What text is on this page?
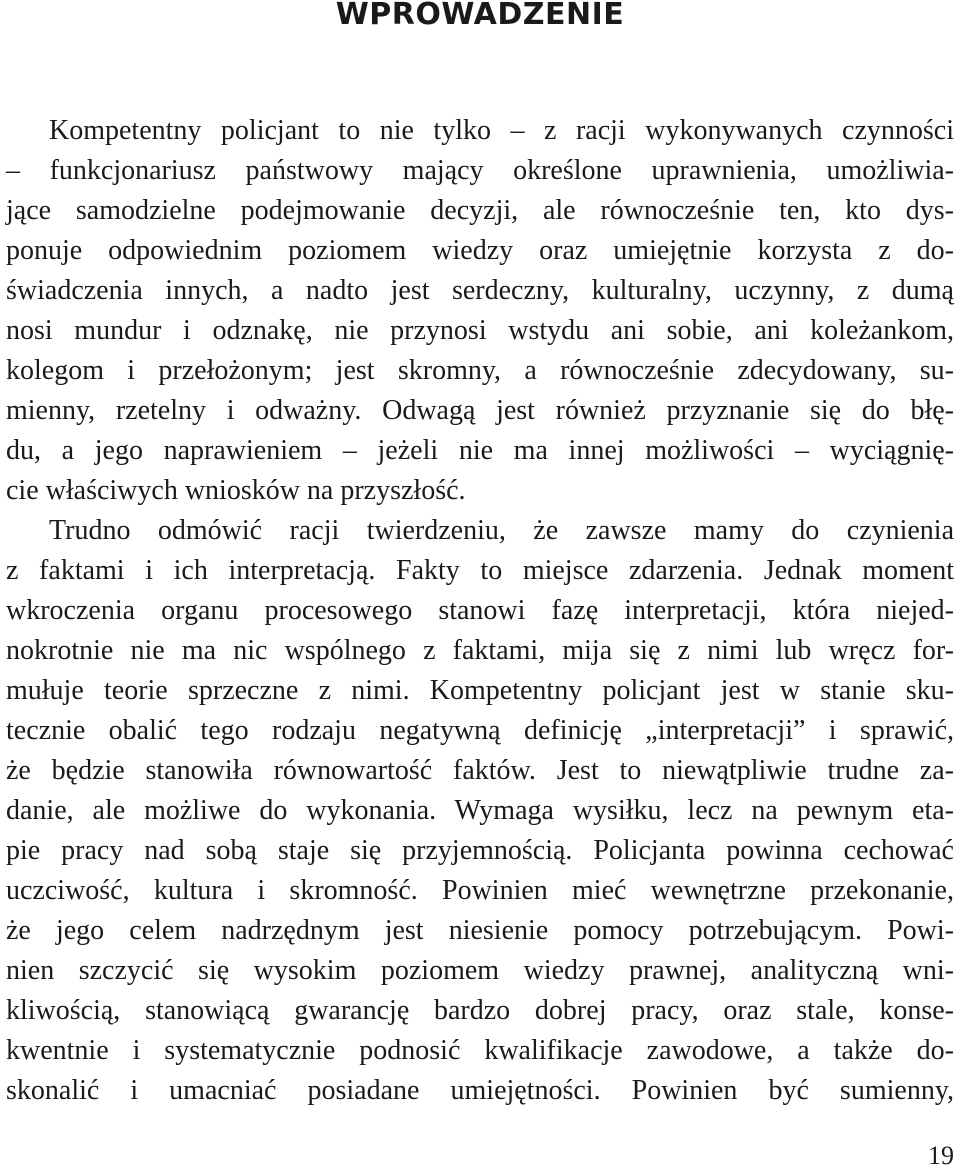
WPROWADZENIE
Kompetentny policjant to nie tylko – z racji wykonywanych czynności
– funkcjonariusz państwowy mający określone uprawnienia, umożliwia-
jące samodzielne podejmowanie decyzji, ale równocześnie ten, kto dys-
ponuje odpowiednim poziomem wiedzy oraz umiejętnie korzysta z do-
świadczenia innych, a nadto jest serdeczny, kulturalny, uczynny, z dumą
nosi mundur i odznakę, nie przynosi wstydu ani sobie, ani koleżankom,
kolegom i przełożonym; jest skromny, a równocześnie zdecydowany, su-
mienny, rzetelny i odważny. Odwagą jest również przyznanie się do błę-
du, a jego naprawieniem – jeżeli nie ma innej możliwości – wyciągnię-
cie właściwych wniosków na przyszłość.
Trudno odmówić racji twierdzeniu, że zawsze mamy do czynienia
z faktami i ich interpretacją. Fakty to miejsce zdarzenia. Jednak moment
wkroczenia organu procesowego stanowi fazę interpretacji, która niejed-
nokrotnie nie ma nic wspólnego z faktami, mija się z nimi lub wręcz for-
mułuje teorie sprzeczne z nimi. Kompetentny policjant jest w stanie sku-
tecznie obalić tego rodzaju negatywną definicję „interpretacji” i sprawić,
że będzie stanowiła równowartość faktów. Jest to niewątpliwie trudne za-
danie, ale możliwe do wykonania. Wymaga wysiłku, lecz na pewnym eta-
pie pracy nad sobą staje się przyjemnością. Policjanta powinna cechować
uczciwość, kultura i skromność. Powinien mieć wewnętrzne przekonanie,
że jego celem nadrzędnym jest niesienie pomocy potrzebującym. Powi-
nien szczycić się wysokim poziomem wiedzy prawnej, analityczną wni-
kliwością, stanowiącą gwarancję bardzo dobrej pracy, oraz stale, konse-
kwentnie i systematycznie podnosić kwalifikacje zawodowe, a także do-
skonalić i umacniać posiadane umiejętności. Powinien być sumienny,
19
